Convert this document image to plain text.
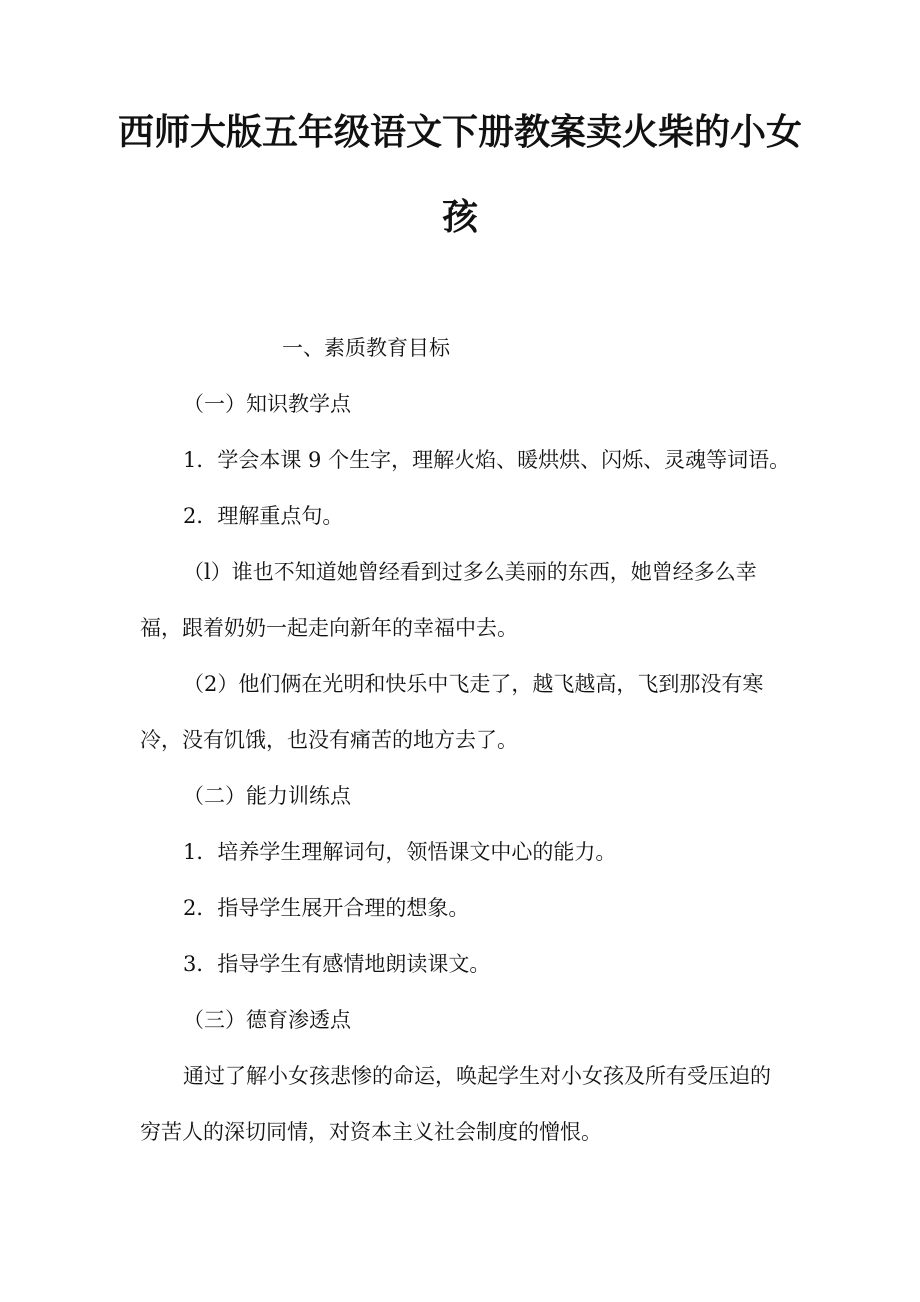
西师大版五年级语文下册教案卖火柴的小女
孩

一、素质教育目标

（一）知识教学点

1．学会本课 9 个生字，理解火焰、暖烘烘、闪烁、灵魂等词语。

2．理解重点句。

（l）谁也不知道她曾经看到过多么美丽的东西，她曾经多么幸

福，跟着奶奶一起走向新年的幸福中去。

（2）他们俩在光明和快乐中飞走了，越飞越高，飞到那没有寒

冷，没有饥饿，也没有痛苦的地方去了。

（二）能力训练点

1．培养学生理解词句，领悟课文中心的能力。

2．指导学生展开合理的想象。

3．指导学生有感情地朗读课文。

（三）德育渗透点

通过了解小女孩悲惨的命运，唤起学生对小女孩及所有受压迫的

穷苦人的深切同情，对资本主义社会制度的憎恨。
